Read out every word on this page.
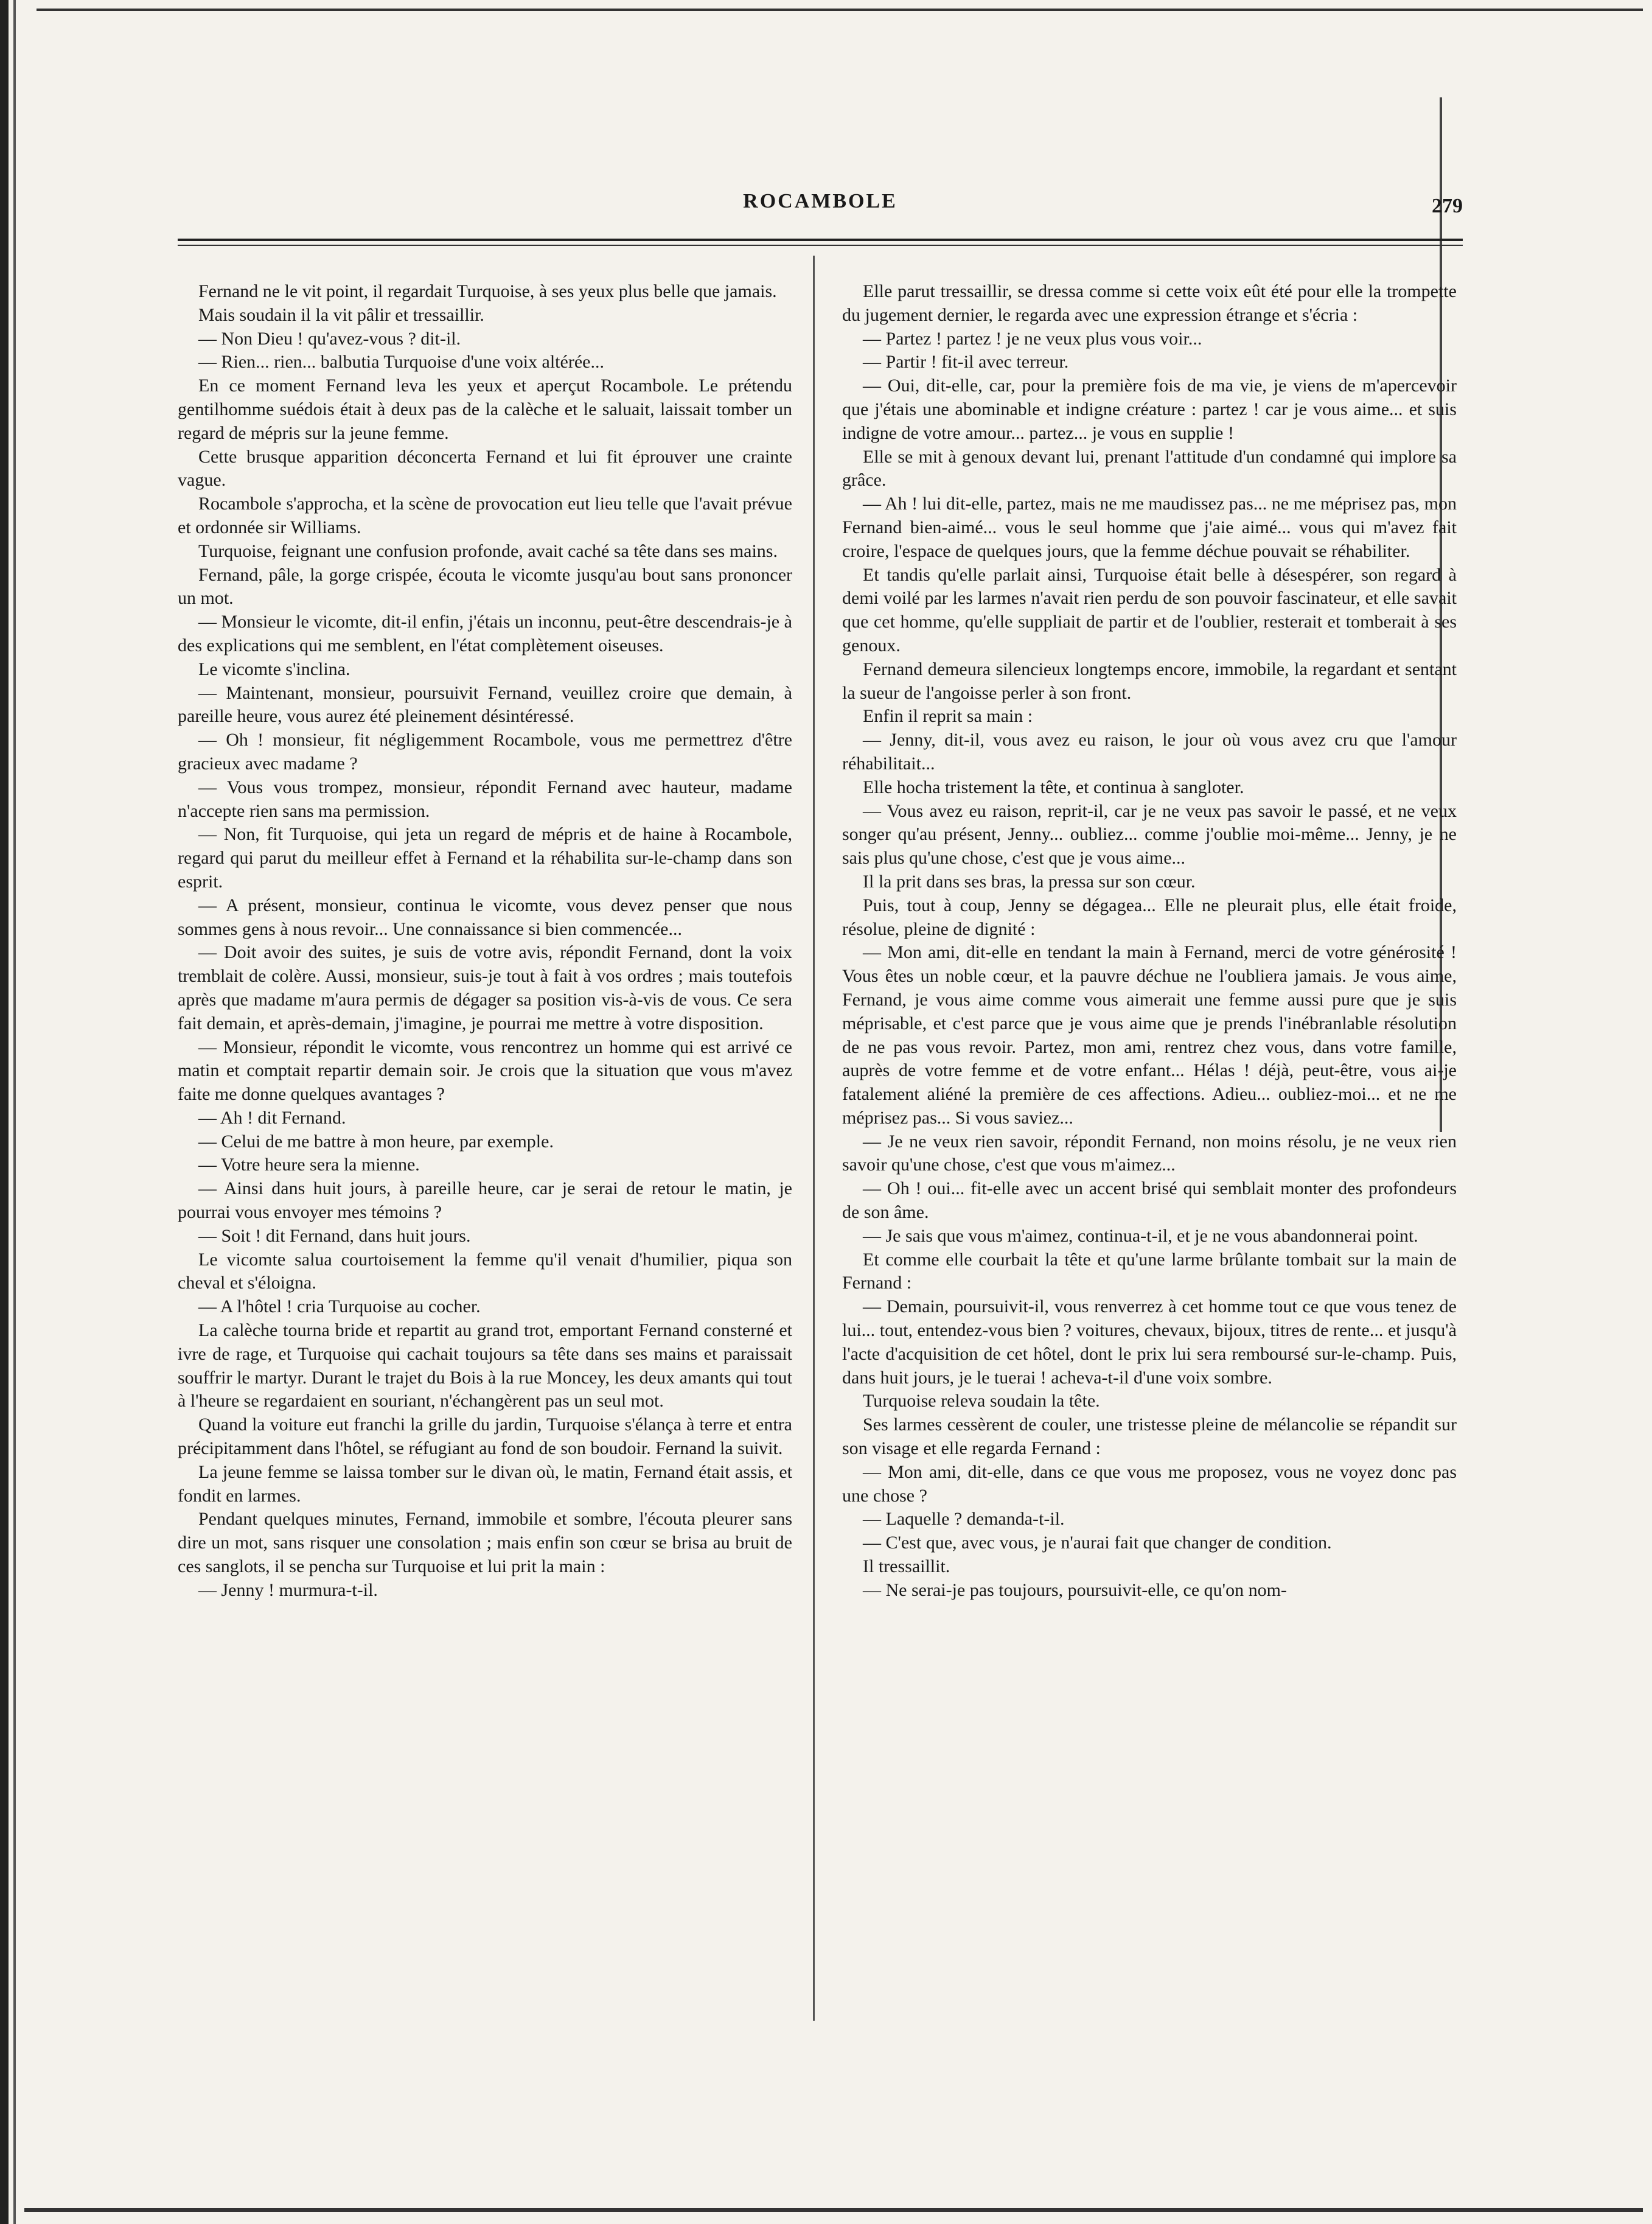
ROCAMBOLE	279

Fernand ne le vit point, il regardait Turquoise, à ses yeux plus belle que jamais.

Mais soudain il la vit pâlir et tressaillir.

— Non Dieu ! qu'avez-vous ? dit-il.

— Rien... rien... balbutia Turquoise d'une voix altérée...

En ce moment Fernand leva les yeux et aperçut Rocambole. Le prétendu gentilhomme suédois était à deux pas de la calèche et le saluait, laissait tomber un regard de mépris sur la jeune femme.

Cette brusque apparition déconcerta Fernand et lui fit éprouver une crainte vague.

Rocambole s'approcha, et la scène de provocation eut lieu telle que l'avait prévue et ordonnée sir Williams.

Turquoise, feignant une confusion profonde, avait caché sa tête dans ses mains.

Fernand, pâle, la gorge crispée, écouta le vicomte jusqu'au bout sans prononcer un mot.

— Monsieur le vicomte, dit-il enfin, j'étais un inconnu, peut-être descendrais-je à des explications qui me semblent, en l'état complètement oiseuses.

Le vicomte s'inclina.

— Maintenant, monsieur, poursuivit Fernand, veuillez croire que demain, à pareille heure, vous aurez été pleinement désintéressé.

— Oh ! monsieur, fit négligemment Rocambole, vous me permettrez d'être gracieux avec madame ?

— Vous vous trompez, monsieur, répondit Fernand avec hauteur, madame n'accepte rien sans ma permission.

— Non, fit Turquoise, qui jeta un regard de mépris et de haine à Rocambole, regard qui parut du meilleur effet à Fernand et la réhabilita sur-le-champ dans son esprit.

— A présent, monsieur, continua le vicomte, vous devez penser que nous sommes gens à nous revoir... Une connaissance si bien commencée...

— Doit avoir des suites, je suis de votre avis, répondit Fernand, dont la voix tremblait de colère. Aussi, monsieur, suis-je tout à fait à vos ordres ; mais toutefois après que madame m'aura permis de dégager sa position vis-à-vis de vous. Ce sera fait demain, et après-demain, j'imagine, je pourrai me mettre à votre disposition.

— Monsieur, répondit le vicomte, vous rencontrez un homme qui est arrivé ce matin et comptait repartir demain soir. Je crois que la situation que vous m'avez faite me donne quelques avantages ?

— Ah ! dit Fernand.

— Celui de me battre à mon heure, par exemple.

— Votre heure sera la mienne.

— Ainsi dans huit jours, à pareille heure, car je serai de retour le matin, je pourrai vous envoyer mes témoins ?

— Soit ! dit Fernand, dans huit jours.

Le vicomte salua courtoisement la femme qu'il venait d'humilier, piqua son cheval et s'éloigna.

— A l'hôtel ! cria Turquoise au cocher.

La calèche tourna bride et repartit au grand trot, emportant Fernand consterné et ivre de rage, et Turquoise qui cachait toujours sa tête dans ses mains et paraissait souffrir le martyr. Durant le trajet du Bois à la rue Moncey, les deux amants qui tout à l'heure se regardaient en souriant, n'échangèrent pas un seul mot.

Quand la voiture eut franchi la grille du jardin, Turquoise s'élança à terre et entra précipitamment dans l'hôtel, se réfugiant au fond de son boudoir. Fernand la suivit.

La jeune femme se laissa tomber sur le divan où, le matin, Fernand était assis, et fondit en larmes.

Pendant quelques minutes, Fernand, immobile et sombre, l'écouta pleurer sans dire un mot, sans risquer une consolation ; mais enfin son cœur se brisa au bruit de ces sanglots, il se pencha sur Turquoise et lui prit la main :

— Jenny ! murmura-t-il.

Elle parut tressaillir, se dressa comme si cette voix eût été pour elle la trompette du jugement dernier, le regarda avec une expression étrange et s'écria :

— Partez ! partez ! je ne veux plus vous voir...

— Partir ! fit-il avec terreur.

— Oui, dit-elle, car, pour la première fois de ma vie, je viens de m'apercevoir que j'étais une abominable et indigne créature : partez ! car je vous aime... et suis indigne de votre amour... partez... je vous en supplie !

Elle se mit à genoux devant lui, prenant l'attitude d'un condamné qui implore sa grâce.

— Ah ! lui dit-elle, partez, mais ne me maudissez pas... ne me méprisez pas, mon Fernand bien-aimé... vous le seul homme que j'aie aimé... vous qui m'avez fait croire, l'espace de quelques jours, que la femme déchue pouvait se réhabiliter.

Et tandis qu'elle parlait ainsi, Turquoise était belle à désespérer, son regard à demi voilé par les larmes n'avait rien perdu de son pouvoir fascinateur, et elle savait que cet homme, qu'elle suppliait de partir et de l'oublier, resterait et tomberait à ses genoux.

Fernand demeura silencieux longtemps encore, immobile, la regardant et sentant la sueur de l'angoisse perler à son front.

Enfin il reprit sa main :

— Jenny, dit-il, vous avez eu raison, le jour où vous avez cru que l'amour réhabilitait...

Elle hocha tristement la tête, et continua à sangloter.

— Vous avez eu raison, reprit-il, car je ne veux pas savoir le passé, et ne veux songer qu'au présent, Jenny... oubliez... comme j'oublie moi-même... Jenny, je ne sais plus qu'une chose, c'est que je vous aime...

Il la prit dans ses bras, la pressa sur son cœur.

Puis, tout à coup, Jenny se dégagea... Elle ne pleurait plus, elle était froide, résolue, pleine de dignité :

— Mon ami, dit-elle en tendant la main à Fernand, merci de votre générosité ! Vous êtes un noble cœur, et la pauvre déchue ne l'oubliera jamais. Je vous aime, Fernand, je vous aime comme vous aimerait une femme aussi pure que je suis méprisable, et c'est parce que je vous aime que je prends l'inébranlable résolution de ne pas vous revoir. Partez, mon ami, rentrez chez vous, dans votre famille, auprès de votre femme et de votre enfant... Hélas ! déjà, peut-être, vous ai-je fatalement aliéné la première de ces affections. Adieu... oubliez-moi... et ne me méprisez pas... Si vous saviez...

— Je ne veux rien savoir, répondit Fernand, non moins résolu, je ne veux rien savoir qu'une chose, c'est que vous m'aimez...

— Oh ! oui... fit-elle avec un accent brisé qui semblait monter des profondeurs de son âme.

— Je sais que vous m'aimez, continua-t-il, et je ne vous abandonnerai point.

Et comme elle courbait la tête et qu'une larme brûlante tombait sur la main de Fernand :

— Demain, poursuivit-il, vous renverrez à cet homme tout ce que vous tenez de lui... tout, entendez-vous bien ? voitures, chevaux, bijoux, titres de rente... et jusqu'à l'acte d'acquisition de cet hôtel, dont le prix lui sera remboursé sur-le-champ. Puis, dans huit jours, je le tuerai ! acheva-t-il d'une voix sombre.

Turquoise releva soudain la tête.

Ses larmes cessèrent de couler, une tristesse pleine de mélancolie se répandit sur son visage et elle regarda Fernand :

— Mon ami, dit-elle, dans ce que vous me proposez, vous ne voyez donc pas une chose ?

— Laquelle ? demanda-t-il.

— C'est que, avec vous, je n'aurai fait que changer de condition.

Il tressaillit.

— Ne serai-je pas toujours, poursuivit-elle, ce qu'on nom-
